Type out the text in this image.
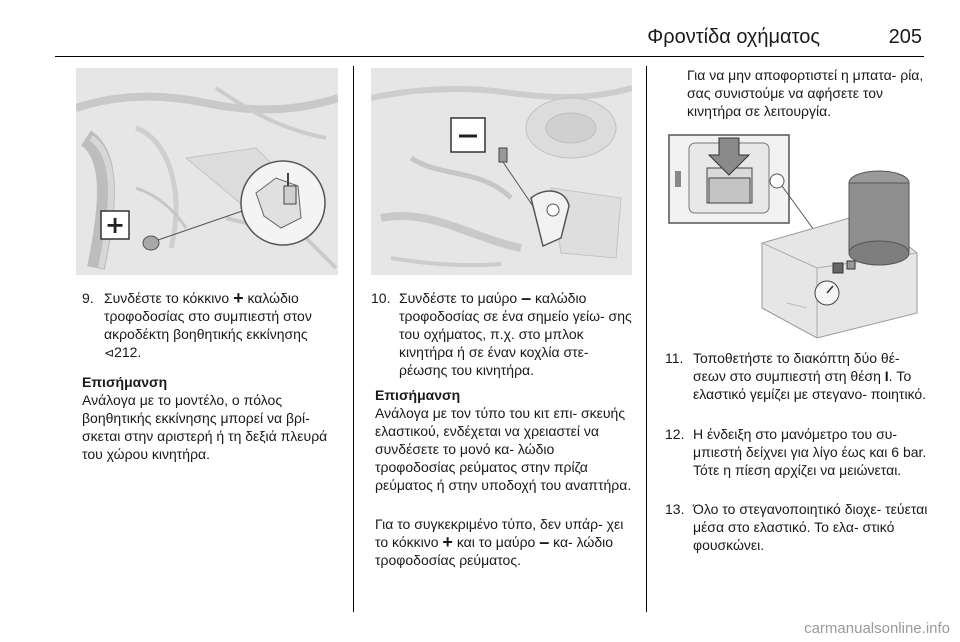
Φροντίδα οχήματος	205
+
9. Συνδέστε το κόκκινο + καλώδιο τροφοδοσίας στο συμπιεστή στον ακροδέκτη βοηθητικής εκκίνησης
⊲212.
Επισήμανση
Ανάλογα με το μοντέλο, ο πόλος βοηθητικής εκκίνησης μπορεί να βρί- σκεται στην αριστερή ή τη δεξιά πλευρά του χώρου κινητήρα.
10. Συνδέστε το μαύρο – καλώδιο τροφοδοσίας σε ένα σημείο γείω- σης του οχήματος, π.χ. στο μπλοκ κινητήρα ή σε έναν κοχλία στε- ρέωσης του κινητήρα.
Επισήμανση
Ανάλογα με τον τύπο του κιτ επι- σκευής ελαστικού, ενδέχεται να χρειαστεί να συνδέσετε το μονό κα- λώδιο τροφοδοσίας ρεύματος στην πρίζα ρεύματος ή στην υποδοχή του αναπτήρα.
Για το συγκεκριμένο τύπο, δεν υπάρ- χει το κόκκινο + και το μαύρο – κα- λώδιο τροφοδοσίας ρεύματος.
Για να μην αποφορτιστεί η μπατα- ρία, σας συνιστούμε να αφήσετε τον κινητήρα σε λειτουργία.
11. Τοποθετήστε το διακόπτη δύο θέ- σεων στο συμπιεστή στη θέση I. Το ελαστικό γεμίζει με στεγανο- ποιητικό.
12. Η ένδειξη στο μανόμετρο του συ- μπιεστή δείχνει για λίγο έως και 6 bar. Τότε η πίεση αρχίζει να μειώνεται.
13. Όλο το στεγανοποιητικό διοχε- τεύεται μέσα στο ελαστικό. Το ελα- στικό φουσκώνει.
carmanualsonline.info
